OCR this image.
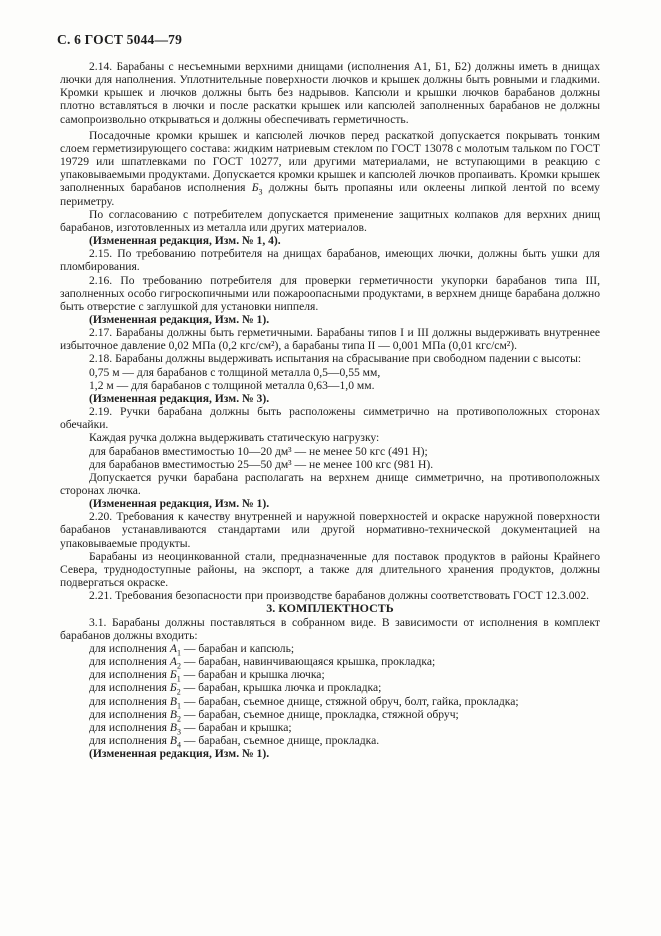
С. 6 ГОСТ 5044—79

2.14. Барабаны с несъемными верхними днищами (исполнения А1, Б1, Б2) должны иметь в днищах лючки для наполнения. Уплотнительные поверхности лючков и крышек должны быть ровными и гладкими. Кромки крышек и лючков должны быть без надрывов. Капсюли и крышки лючков барабанов должны плотно вставляться в лючки и после раскатки крышек или капсюлей заполненных барабанов не должны самопроизвольно открываться и должны обеспечивать герметичность.

Посадочные кромки крышек и капсюлей лючков перед раскаткой допускается покрывать тонким слоем герметизирующего состава: жидким натриевым стеклом по ГОСТ 13078 с молотым тальком по ГОСТ 19729 или шпатлевками по ГОСТ 10277, или другими материалами, не вступающими в реакцию с упаковываемыми продуктами. Допускается кромки крышек и капсюлей лючков пропаивать. Кромки крышек заполненных барабанов исполнения $Б_3$ должны быть пропаяны или оклеены липкой лентой по всему периметру.

По согласованию с потребителем допускается применение защитных колпаков для верхних днищ барабанов, изготовленных из металла или других материалов.

(Измененная редакция, Изм. № 1, 4).

2.15. По требованию потребителя на днищах барабанов, имеющих лючки, должны быть ушки для пломбирования.

2.16. По требованию потребителя для проверки герметичности укупорки барабанов типа III, заполненных особо гигроскопичными или пожароопасными продуктами, в верхнем днище барабана должно быть отверстие с заглушкой для установки ниппеля.

(Измененная редакция, Изм. № 1).

2.17. Барабаны должны быть герметичными. Барабаны типов I и III должны выдерживать внутреннее избыточное давление 0,02 МПа (0,2 кгс/см²), а барабаны типа II — 0,001 МПа (0,01 кгс/см²).

2.18. Барабаны должны выдерживать испытания на сбрасывание при свободном падении с высоты:

0,75 м — для барабанов с толщиной металла 0,5—0,55 мм,

1,2 м — для барабанов с толщиной металла 0,63—1,0 мм.

(Измененная редакция, Изм. № 3).

2.19. Ручки барабана должны быть расположены симметрично на противоположных сторонах обечайки.

Каждая ручка должна выдерживать статическую нагрузку:

для барабанов вместимостью 10—20 дм³ — не менее 50 кгс (491 Н);

для барабанов вместимостью 25—50 дм³ — не менее 100 кгс (981 Н).

Допускается ручки барабана располагать на верхнем днище симметрично, на противоположных сторонах лючка.

(Измененная редакция, Изм. № 1).

2.20. Требования к качеству внутренней и наружной поверхностей и окраске наружной поверхности барабанов устанавливаются стандартами или другой нормативно-технической документацией на упаковываемые продукты.

Барабаны из неоцинкованной стали, предназначенные для поставок продуктов в районы Крайнего Севера, труднодоступные районы, на экспорт, а также для длительного хранения продуктов, должны подвергаться окраске.

2.21. Требования безопасности при производстве барабанов должны соответствовать ГОСТ 12.3.002.

3. КОМПЛЕКТНОСТЬ

3.1. Барабаны должны поставляться в собранном виде. В зависимости от исполнения в комплект барабанов должны входить:

для исполнения $А_1$ — барабан и капсюль;

для исполнения $А_2$ — барабан, навинчивающаяся крышка, прокладка;

для исполнения $Б_1$ — барабан и крышка лючка;

для исполнения $Б_2$ — барабан, крышка лючка и прокладка;

для исполнения $В_1$ — барабан, съемное днище, стяжной обруч, болт, гайка, прокладка;

для исполнения $В_2$ — барабан, съемное днище, прокладка, стяжной обруч;

для исполнения $В_3$ — барабан и крышка;

для исполнения $В_4$ — барабан, съемное днище, прокладка.

(Измененная редакция, Изм. № 1).
